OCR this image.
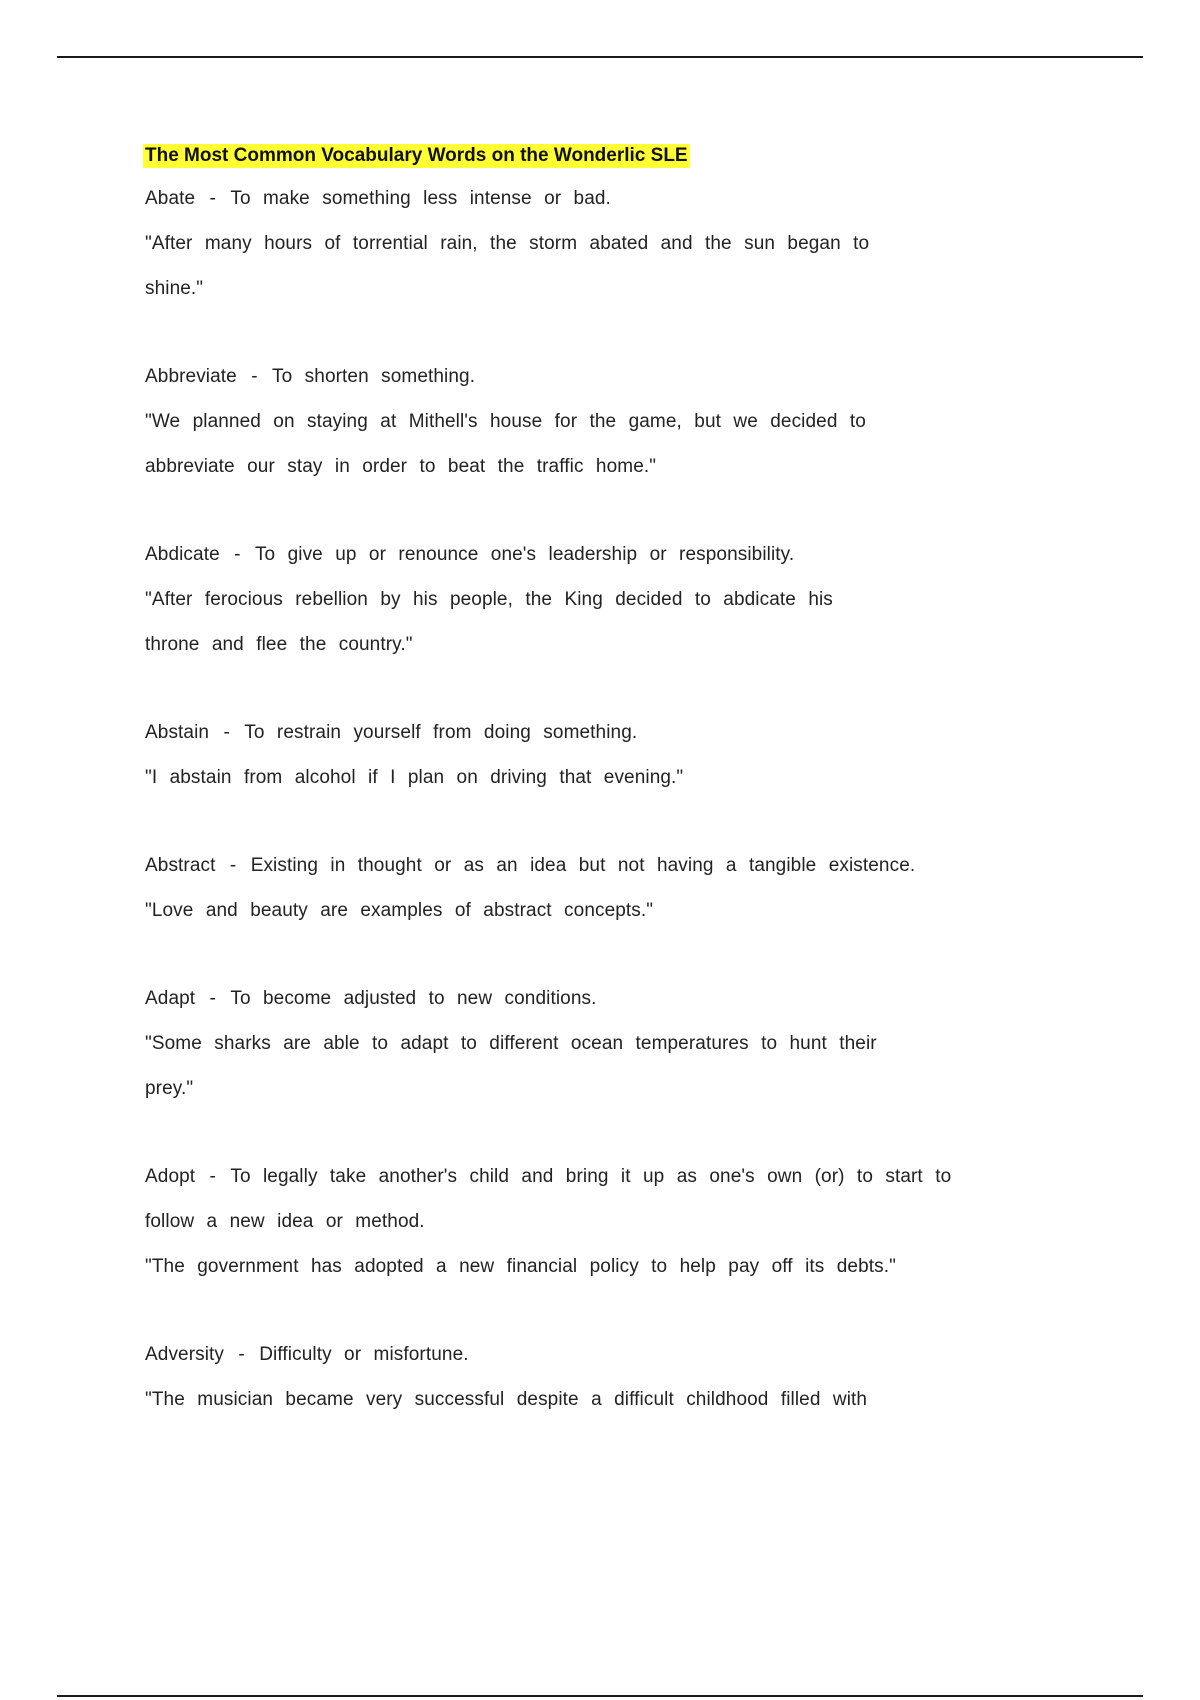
The Most Common Vocabulary Words on the Wonderlic SLE
Abate - To make something less intense or bad.
"After many hours of torrential rain, the storm abated and the sun began to
shine."
Abbreviate - To shorten something.
"We planned on staying at Mithell's house for the game, but we decided to
abbreviate our stay in order to beat the traffic home."
Abdicate - To give up or renounce one's leadership or responsibility.
"After ferocious rebellion by his people, the King decided to abdicate his
throne and flee the country."
Abstain - To restrain yourself from doing something.
"I abstain from alcohol if I plan on driving that evening."
Abstract - Existing in thought or as an idea but not having a tangible existence.
"Love and beauty are examples of abstract concepts."
Adapt - To become adjusted to new conditions.
"Some sharks are able to adapt to different ocean temperatures to hunt their
prey."
Adopt - To legally take another's child and bring it up as one's own (or) to start to
follow a new idea or method.
"The government has adopted a new financial policy to help pay off its debts."
Adversity - Difficulty or misfortune.
"The musician became very successful despite a difficult childhood filled with
